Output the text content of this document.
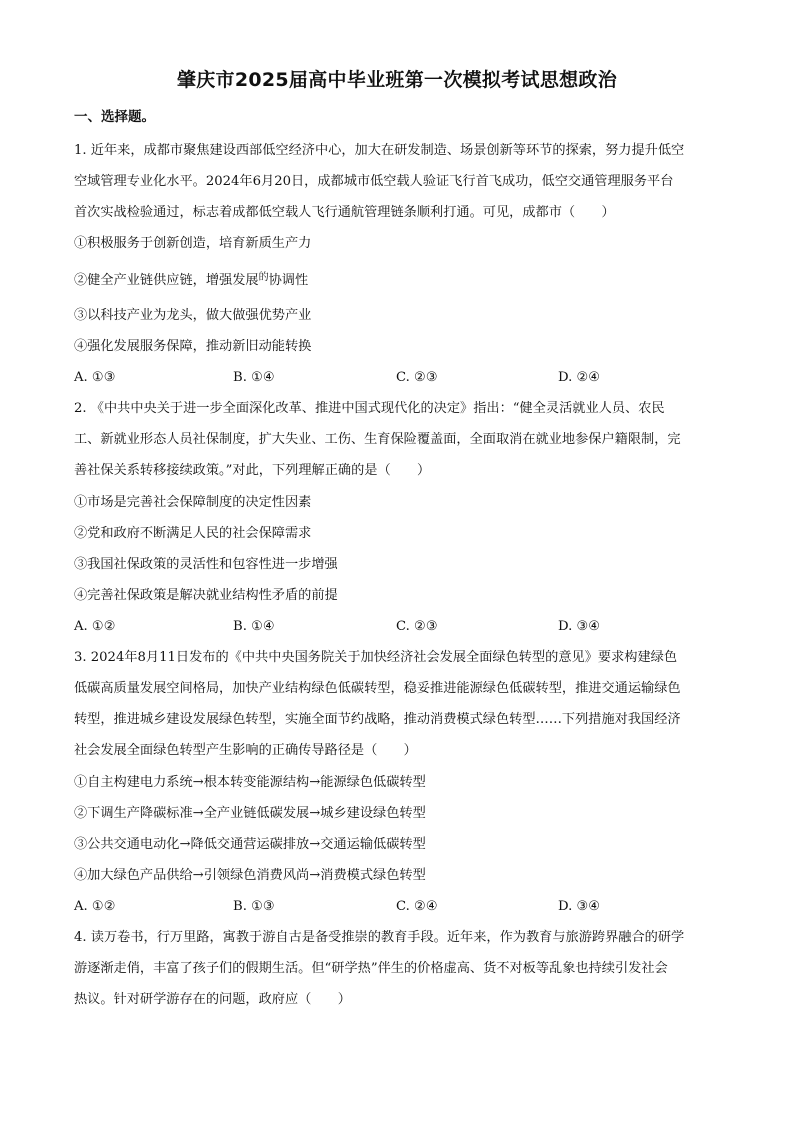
肇庆市2025届高中毕业班第一次模拟考试思想政治
一、选择题。
1. 近年来，成都市聚焦建设西部低空经济中心，加大在研发制造、场景创新等环节的探索，努力提升低空
空域管理专业化水平。2024年6月20日，成都城市低空载人验证飞行首飞成功，低空交通管理服务平台
首次实战检验通过，标志着成都低空载人飞行通航管理链条顺利打通。可见，成都市（　　）
①积极服务于创新创造，培育新质生产力
②健全产业链供应链，增强发展$^的$协调性
③以科技产业为龙头，做大做强优势产业
④强化发展服务保障，推动新旧动能转换
A. ①③	B. ①④	C. ②③	D. ②④
2. 《中共中央关于进一步全面深化改革、推进中国式现代化的决定》指出：“健全灵活就业人员、农民
工、新就业形态人员社保制度，扩大失业、工伤、生育保险覆盖面，全面取消在就业地参保户籍限制，完
善社保关系转移接续政策。”对此，下列理解正确的是（　　）
①市场是完善社会保障制度的决定性因素
②党和政府不断满足人民的社会保障需求
③我国社保政策的灵活性和包容性进一步增强
④完善社保政策是解决就业结构性矛盾的前提
A. ①②	B. ①④	C. ②③	D. ③④
3. 2024年8月11日发布的《中共中央国务院关于加快经济社会发展全面绿色转型的意见》要求构建绿色
低碳高质量发展空间格局，加快产业结构绿色低碳转型，稳妥推进能源绿色低碳转型，推进交通运输绿色
转型，推进城乡建设发展绿色转型，实施全面节约战略，推动消费模式绿色转型……下列措施对我国经济
社会发展全面绿色转型产生影响的正确传导路径是（　　）
①自主构建电力系统→根本转变能源结构→能源绿色低碳转型
②下调生产降碳标准→全产业链低碳发展→城乡建设绿色转型
③公共交通电动化→降低交通营运碳排放→交通运输低碳转型
④加大绿色产品供给→引领绿色消费风尚→消费模式绿色转型
A. ①②	B. ①③	C. ②④	D. ③④
4. 读万卷书，行万里路，寓教于游自古是备受推崇的教育手段。近年来，作为教育与旅游跨界融合的研学
游逐渐走俏，丰富了孩子们的假期生活。但“研学热”伴生的价格虚高、货不对板等乱象也持续引发社会
热议。针对研学游存在的问题，政府应（　　）
